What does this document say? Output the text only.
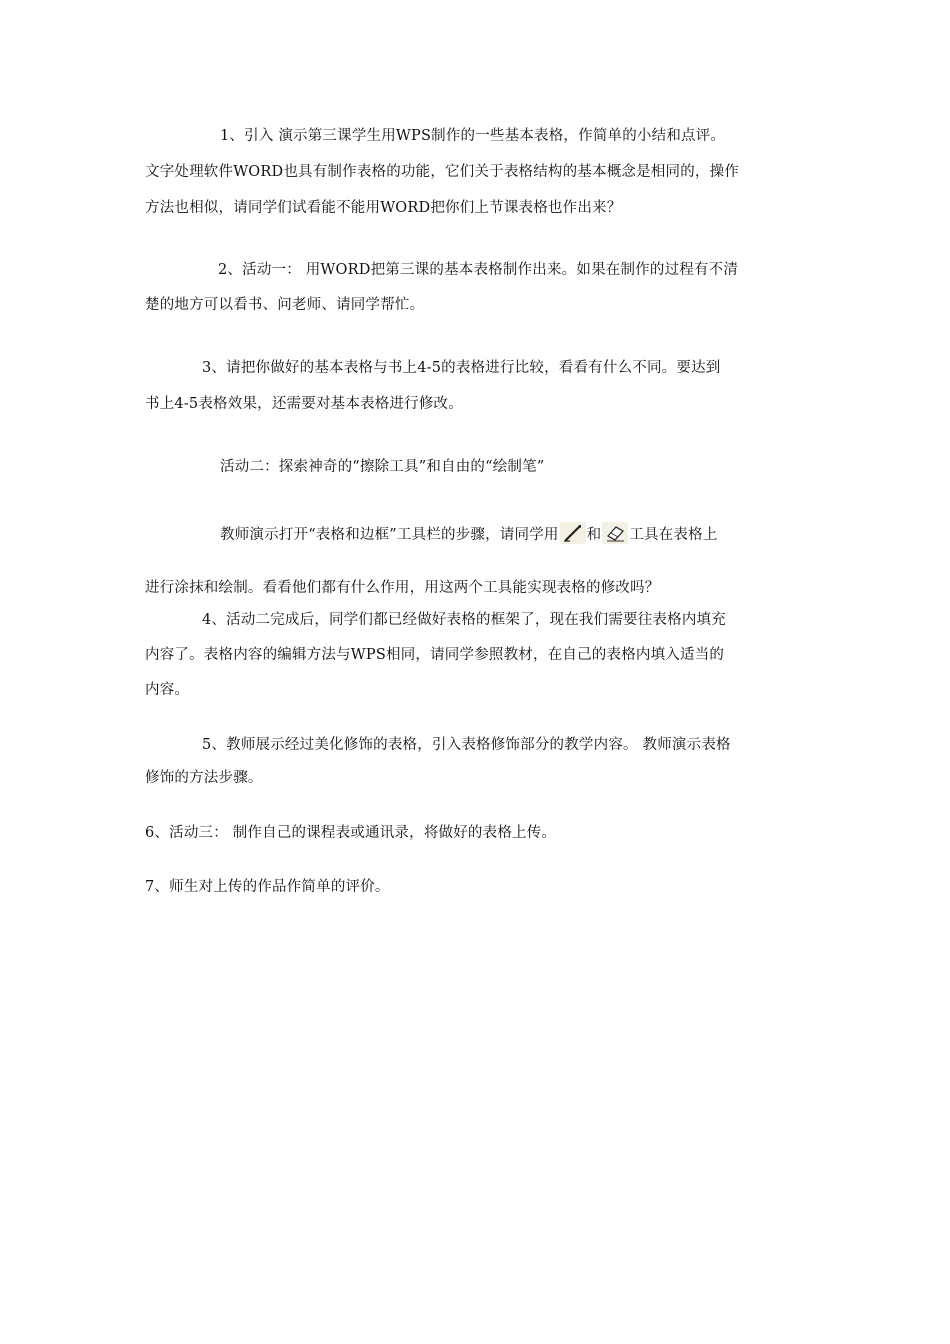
1、引入 演示第三课学生用WPS制作的一些基本表格，作简单的小结和点评。
文字处理软件WORD也具有制作表格的功能，它们关于表格结构的基本概念是相同的，操作
方法也相似，请同学们试看能不能用WORD把你们上节课表格也作出来？
2、活动一： 用WORD把第三课的基本表格制作出来。如果在制作的过程有不清
楚的地方可以看书、问老师、请同学帮忙。
3、请把你做好的基本表格与书上4-5的表格进行比较，看看有什么不同。要达到
书上4-5表格效果，还需要对基本表格进行修改。
活动二：探索神奇的“擦除工具”和自由的“绘制笔”
教师演示打开“表格和边框”工具栏的步骤，请同学用 和 工具在表格上
进行涂抹和绘制。看看他们都有什么作用，用这两个工具能实现表格的修改吗？
4、活动二完成后，同学们都已经做好表格的框架了，现在我们需要往表格内填充
内容了。表格内容的编辑方法与WPS相同，请同学参照教材，在自己的表格内填入适当的
内容。
5、教师展示经过美化修饰的表格，引入表格修饰部分的教学内容。 教师演示表格
修饰的方法步骤。
6、活动三： 制作自己的课程表或通讯录，将做好的表格上传。
7、师生对上传的作品作简单的评价。
